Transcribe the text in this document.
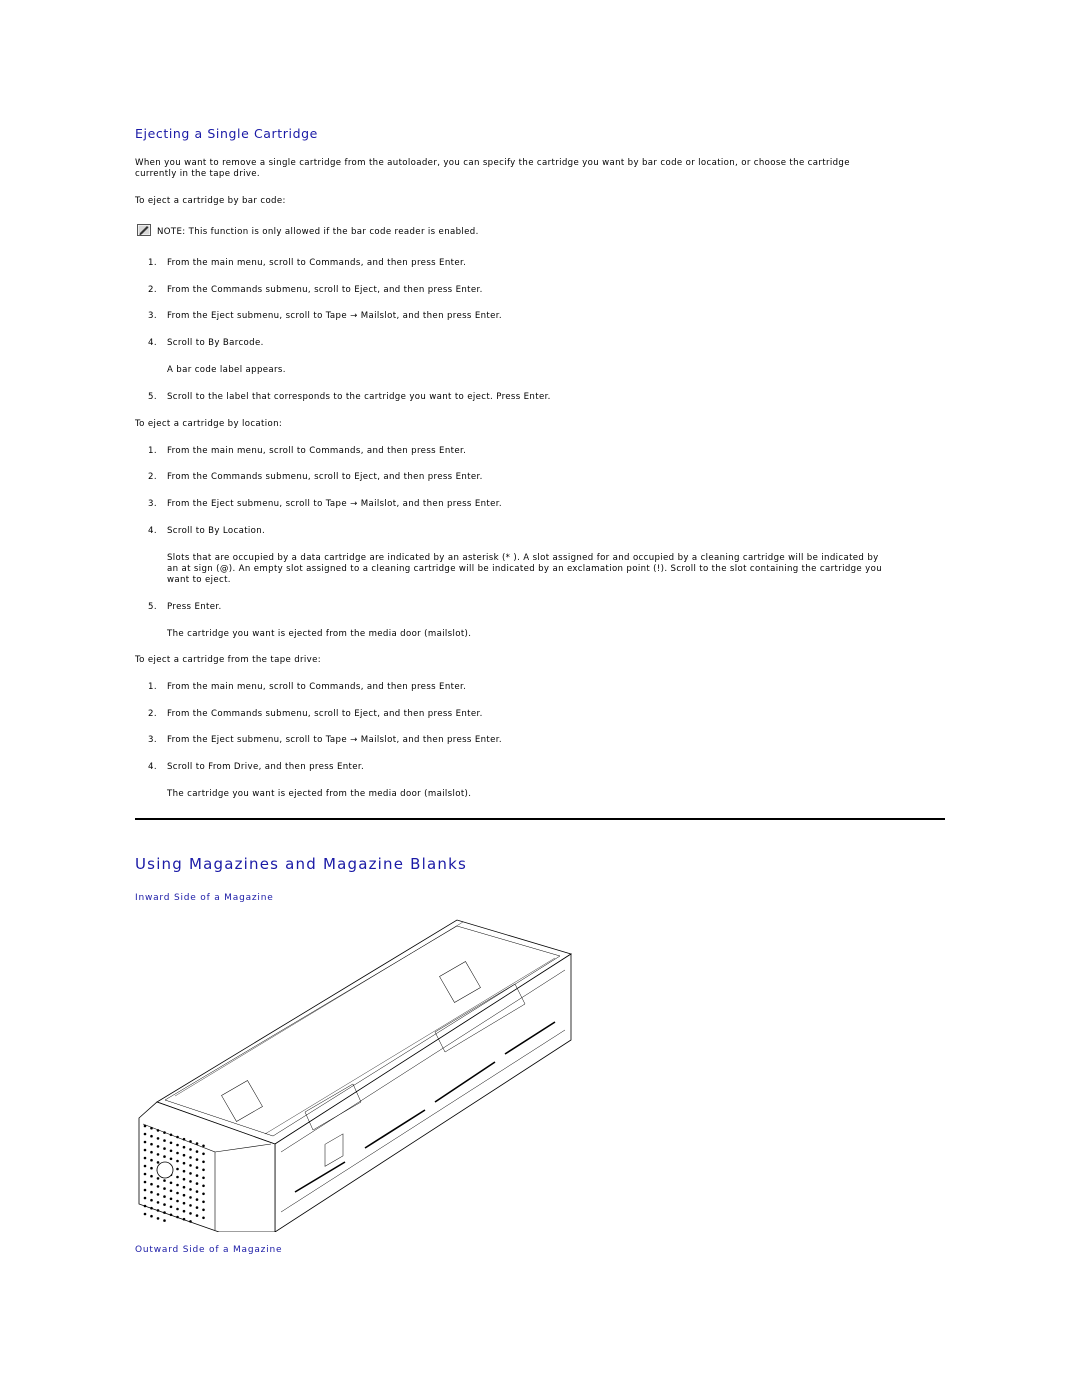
Ejecting a Single Cartridge

When you want to remove a single cartridge from the autoloader, you can specify the cartridge you want by bar code or location, or choose the cartridge

currently in the tape drive.

To eject a cartridge by bar code:

NOTE: This function is only allowed if the bar code reader is enabled.
1.	From the main menu, scroll to Commands, and then press Enter.
2.	From the Commands submenu, scroll to Eject, and then press Enter.
3.	From the Eject submenu, scroll to Tape → Mailslot, and then press Enter.
4.	Scroll to By Barcode.
A bar code label appears.
5.	Scroll to the label that corresponds to the cartridge you want to eject. Press Enter.

To eject a cartridge by location:

1.	From the main menu, scroll to Commands, and then press Enter.
2.	From the Commands submenu, scroll to Eject, and then press Enter.
3.	From the Eject submenu, scroll to Tape → Mailslot, and then press Enter.
4.	Scroll to By Location.
Slots that are occupied by a data cartridge are indicated by an asterisk (* ). A slot assigned for and occupied by a cleaning cartridge will be indicated by
an at sign (@). An empty slot assigned to a cleaning cartridge will be indicated by an exclamation point (!). Scroll to the slot containing the cartridge you
want to eject.
5.	Press Enter.
The cartridge you want is ejected from the media door (mailslot).

To eject a cartridge from the tape drive:

1.	From the main menu, scroll to Commands, and then press Enter.
2.	From the Commands submenu, scroll to Eject, and then press Enter.
3.	From the Eject submenu, scroll to Tape → Mailslot, and then press Enter.
4.	Scroll to From Drive, and then press Enter.
The cartridge you want is ejected from the media door (mailslot).
Using Magazines and Magazine Blanks
Inward Side of a Magazine
Outward Side of a Magazine
